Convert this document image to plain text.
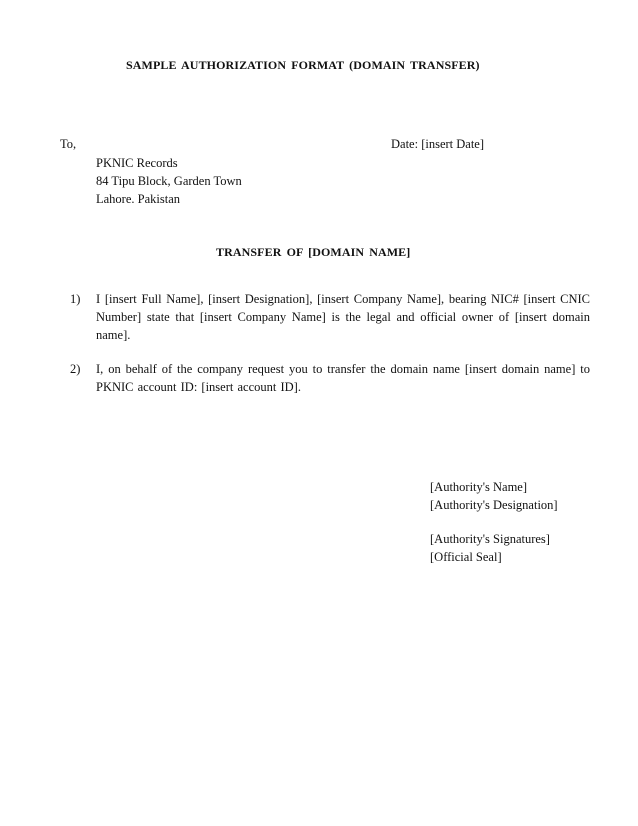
SAMPLE AUTHORIZATION FORMAT (DOMAIN TRANSFER)
To,	Date: [insert Date]
PKNIC Records
84 Tipu Block, Garden Town
Lahore. Pakistan
TRANSFER OF [DOMAIN NAME]
1)	I [insert Full Name], [insert Designation], [insert Company Name], bearing NIC# [insert CNIC Number] state that [insert Company Name] is the legal and official owner of [insert domain name].
2)	I, on behalf of the company request you to transfer the domain name [insert domain name] to PKNIC account ID: [insert account ID].
[Authority's Name]
[Authority's Designation]
[Authority's Signatures]
[Official Seal]
